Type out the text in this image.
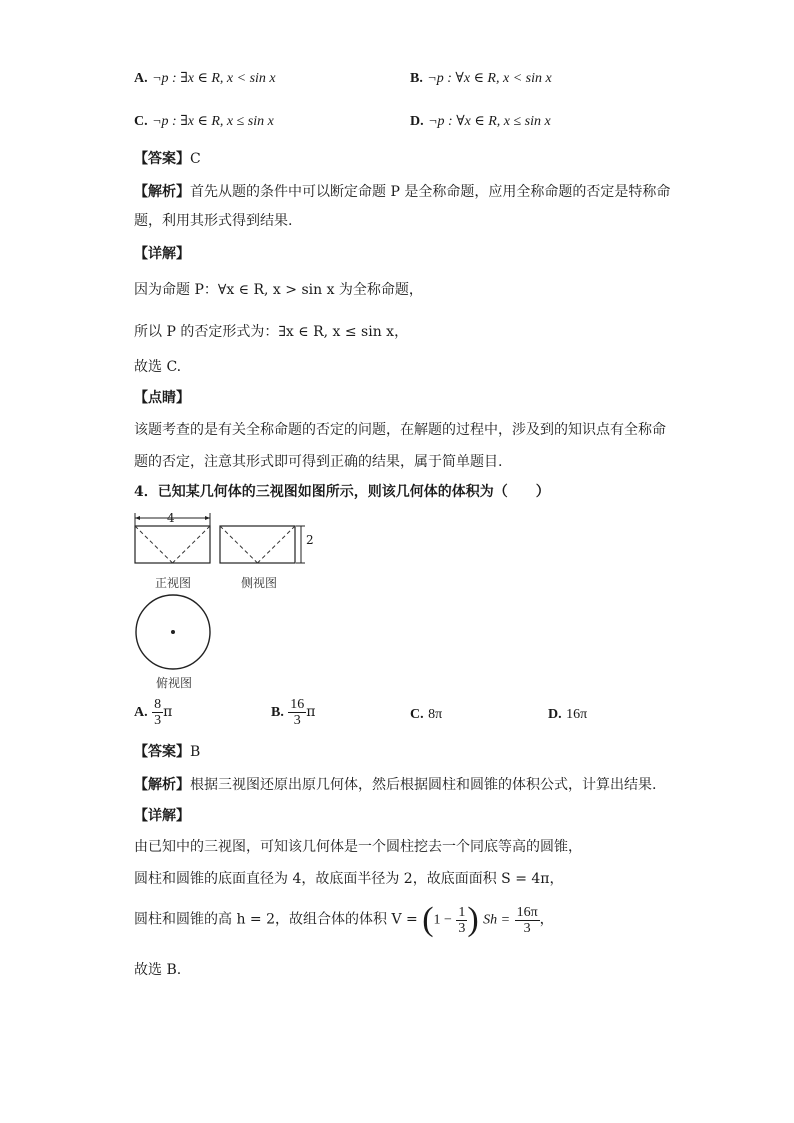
A. ¬p : ∃x ∈ R, x < sin x	B. ¬p : ∀x ∈ R, x < sin x
C. ¬p : ∃x ∈ R, x ≤ sin x	D. ¬p : ∀x ∈ R, x ≤ sin x
【答案】C
【解析】首先从题的条件中可以断定命题 P 是全称命题，应用全称命题的否定是特称命
题，利用其形式得到结果.
【详解】
因为命题 P：∀x ∈ R, x > sin x 为全称命题，
所以 P 的否定形式为：∃x ∈ R, x ≤ sin x，
故选 C.
【点睛】
该题考查的是有关全称命题的否定的问题，在解题的过程中，涉及到的知识点有全称命
题的否定，注意其形式即可得到正确的结果，属于简单题目.
4．已知某几何体的三视图如图所示，则该几何体的体积为（　　）
4
2
正视图	侧视图
俯视图
A. $\frac{8}{3}$ π	B. $\frac{16}{3}$ π	C. 8π	D. 16π
【答案】B
【解析】根据三视图还原出原几何体，然后根据圆柱和圆锥的体积公式，计算出结果.
【详解】
由已知中的三视图，可知该几何体是一个圆柱挖去一个同底等高的圆锥，
圆柱和圆锥的底面直径为 4，故底面半径为 2，故底面面积 S = 4π，
圆柱和圆锥的高 h = 2，故组合体的体积 $V = (1 - \frac{1}{3}$ ) $Sh = \frac{16\pi}{3}$ ，
故选 B.
